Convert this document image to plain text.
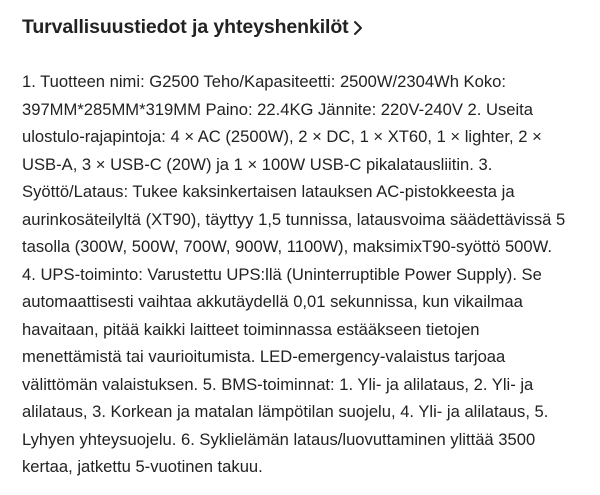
Turvallisuustiedot ja yhteyshenkilöt
1. Tuotteen nimi: G2500 Teho/Kapasiteetti: 2500W/2304Wh Koko:
397MM*285MM*319MM Paino: 22.4KG Jännite: 220V-240V 2. Useita
ulostulo-rajapintoja: 4 × AC (2500W), 2 × DC, 1 × XT60, 1 × lighter, 2 ×
USB-A, 3 × USB-C (20W) ja 1 × 100W USB-C pikalatausliitin. 3.
Syöttö/Lataus: Tukee kaksinkertaisen latauksen AC-pistokkeesta ja
aurinkosäteilyltä (XT90), täyttyy 1,5 tunnissa, latausvoima säädettävissä 5
tasolla (300W, 500W, 700W, 900W, 1100W), maksimixT90-syöttö 500W.
4. UPS-toiminto: Varustettu UPS:llä (Uninterruptible Power Supply). Se
automaattisesti vaihtaa akkutäydellä 0,01 sekunnissa, kun vikailmaa
havaitaan, pitää kaikki laitteet toiminnassa estääkseen tietojen
menettämistä tai vaurioitumista. LED-emergency-valaistus tarjoaa
välittömän valaistuksen. 5. BMS-toiminnat: 1. Yli- ja alilataus, 2. Yli- ja
alilataus, 3. Korkean ja matalan lämpötilan suojelu, 4. Yli- ja alilataus, 5.
Lyhyen yhteysuojelu. 6. Syklielämän lataus/luovuttaminen ylittää 3500
kertaa, jatkettu 5-vuotinen takuu.
